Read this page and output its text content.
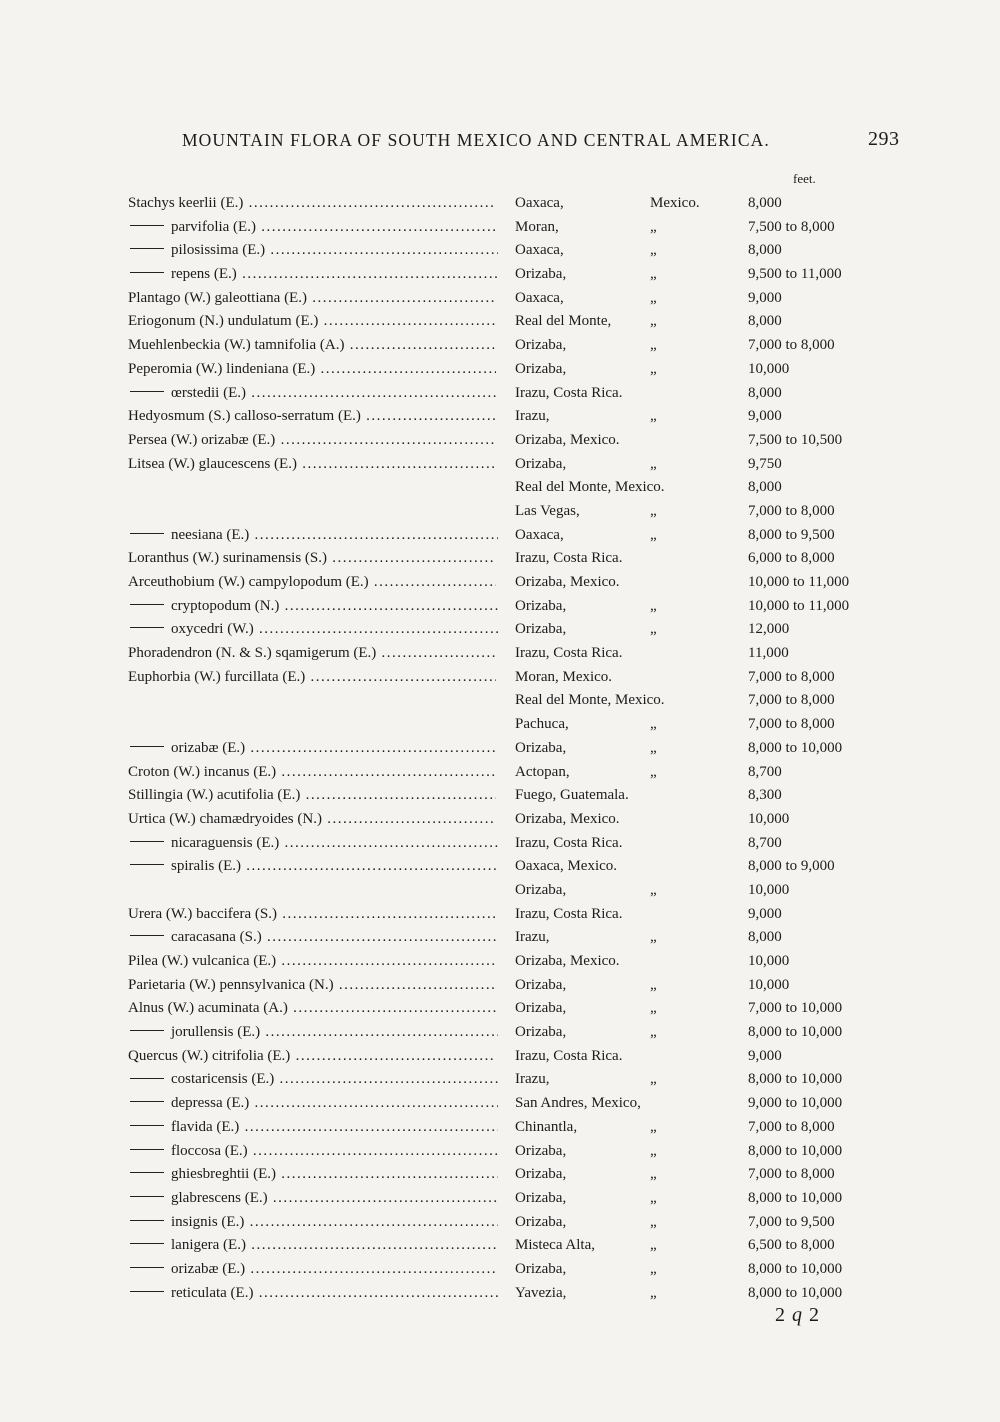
MOUNTAIN FLORA OF SOUTH MEXICO AND CENTRAL AMERICA.	293
feet.
Stachys keerlii (E.) .....	Oaxaca,	Mexico.	8,000
parvifolia (E.) .....	Moran,	„	7,500 to 8,000
pilosissima (E.) .....	Oaxaca,	„	8,000
repens (E.) .....	Orizaba,	„	9,500 to 11,000
Plantago (W.) galeottiana (E.) .....	Oaxaca,	„	9,000
Eriogonum (N.) undulatum (E.) .....	Real del Monte,	„	8,000
Muehlenbeckia (W.) tamnifolia (A.) .....	Orizaba,	„	7,000 to 8,000
Peperomia (W.) lindeniana (E.) .....	Orizaba,	„	10,000
œrstedii (E.) .....	Irazu, Costa Rica.	8,000
Hedyosmum (S.) calloso-serratum (E.) .....	Irazu,	„	9,000
Persea (W.) orizabæ (E.) .....	Orizaba, Mexico.	7,500 to 10,500
Litsea (W.) glaucescens (E.) .....	Orizaba,	„	9,750
Real del Monte, Mexico.	8,000
Las Vegas,	„	7,000 to 8,000
neesiana (E.) .....	Oaxaca,	„	8,000 to 9,500
Loranthus (W.) surinamensis (S.) .....	Irazu, Costa Rica.	6,000 to 8,000
Arceuthobium (W.) campylopodum (E.) .....	Orizaba, Mexico.	10,000 to 11,000
cryptopodum (N.) .....	Orizaba,	„	10,000 to 11,000
oxycedri (W.) .....	Orizaba,	„	12,000
Phoradendron (N. & S.) sqamigerum (E.) .....	Irazu, Costa Rica.	11,000
Euphorbia (W.) furcillata (E.) .....	Moran, Mexico.	7,000 to 8,000
Real del Monte, Mexico.	7,000 to 8,000
Pachuca,	„	7,000 to 8,000
orizabæ (E.) .....	Orizaba,	„	8,000 to 10,000
Croton (W.) incanus (E.) .....	Actopan,	„	8,700
Stillingia (W.) acutifolia (E.) .....	Fuego, Guatemala.	8,300
Urtica (W.) chamædryoides (N.) .....	Orizaba, Mexico.	10,000
nicaraguensis (E.) .....	Irazu, Costa Rica.	8,700
spiralis (E.) .....	Oaxaca, Mexico.	8,000 to 9,000
Orizaba,	„	10,000
Urera (W.) baccifera (S.) .....	Irazu, Costa Rica.	9,000
caracasana (S.) .....	Irazu,	„	8,000
Pilea (W.) vulcanica (E.) .....	Orizaba, Mexico.	10,000
Parietaria (W.) pennsylvanica (N.) .....	Orizaba,	„	10,000
Alnus (W.) acuminata (A.) .....	Orizaba,	„	7,000 to 10,000
jorullensis (E.) .....	Orizaba,	„	8,000 to 10,000
Quercus (W.) citrifolia (E.) .....	Irazu, Costa Rica.	9,000
costaricensis (E.) .....	Irazu,	„	8,000 to 10,000
depressa (E.) .....	San Andres, Mexico,	9,000 to 10,000
flavida (E.) .....	Chinantla,	„	7,000 to 8,000
floccosa (E.) .....	Orizaba,	„	8,000 to 10,000
ghiesbreghtii (E.) .....	Orizaba,	„	7,000 to 8,000
glabrescens (E.) .....	Orizaba,	„	8,000 to 10,000
insignis (E.) .....	Orizaba,	„	7,000 to 9,500
lanigera (E.) .....	Misteca Alta,	„	6,500 to 8,000
orizabæ (E.) .....	Orizaba,	„	8,000 to 10,000
reticulata (E.) .....	Yavezia,	„	8,000 to 10,000
2 q 2
